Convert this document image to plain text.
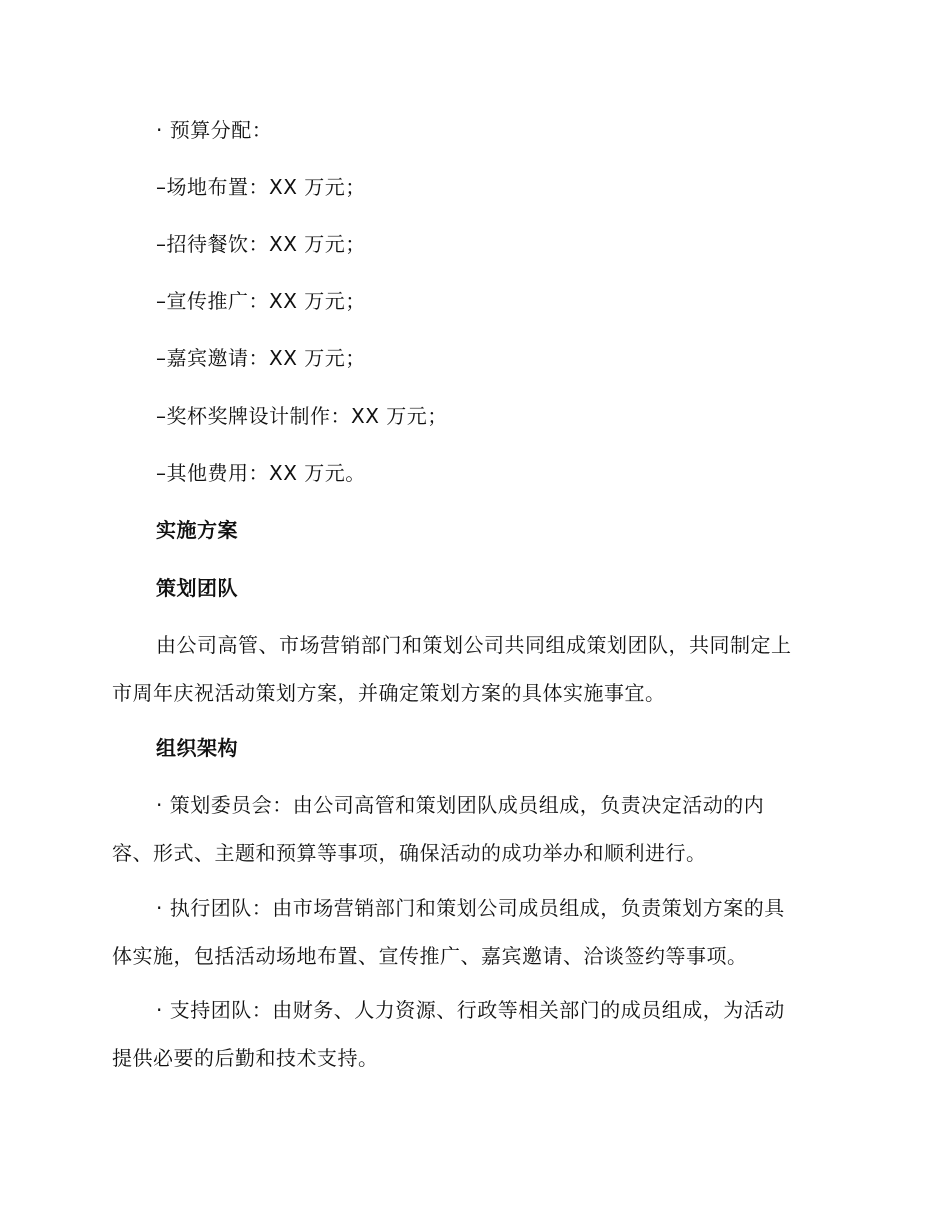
· 预算分配：
–场地布置：XX 万元；
–招待餐饮：XX 万元；
–宣传推广：XX 万元；
–嘉宾邀请：XX 万元；
–奖杯奖牌设计制作：XX 万元；
–其他费用：XX 万元。
实施方案
策划团队
由公司高管、市场营销部门和策划公司共同组成策划团队，共同制定上
市周年庆祝活动策划方案，并确定策划方案的具体实施事宜。
组织架构
· 策划委员会：由公司高管和策划团队成员组成，负责决定活动的内
容、形式、主题和预算等事项，确保活动的成功举办和顺利进行。
· 执行团队：由市场营销部门和策划公司成员组成，负责策划方案的具
体实施，包括活动场地布置、宣传推广、嘉宾邀请、洽谈签约等事项。
· 支持团队：由财务、人力资源、行政等相关部门的成员组成，为活动
提供必要的后勤和技术支持。
